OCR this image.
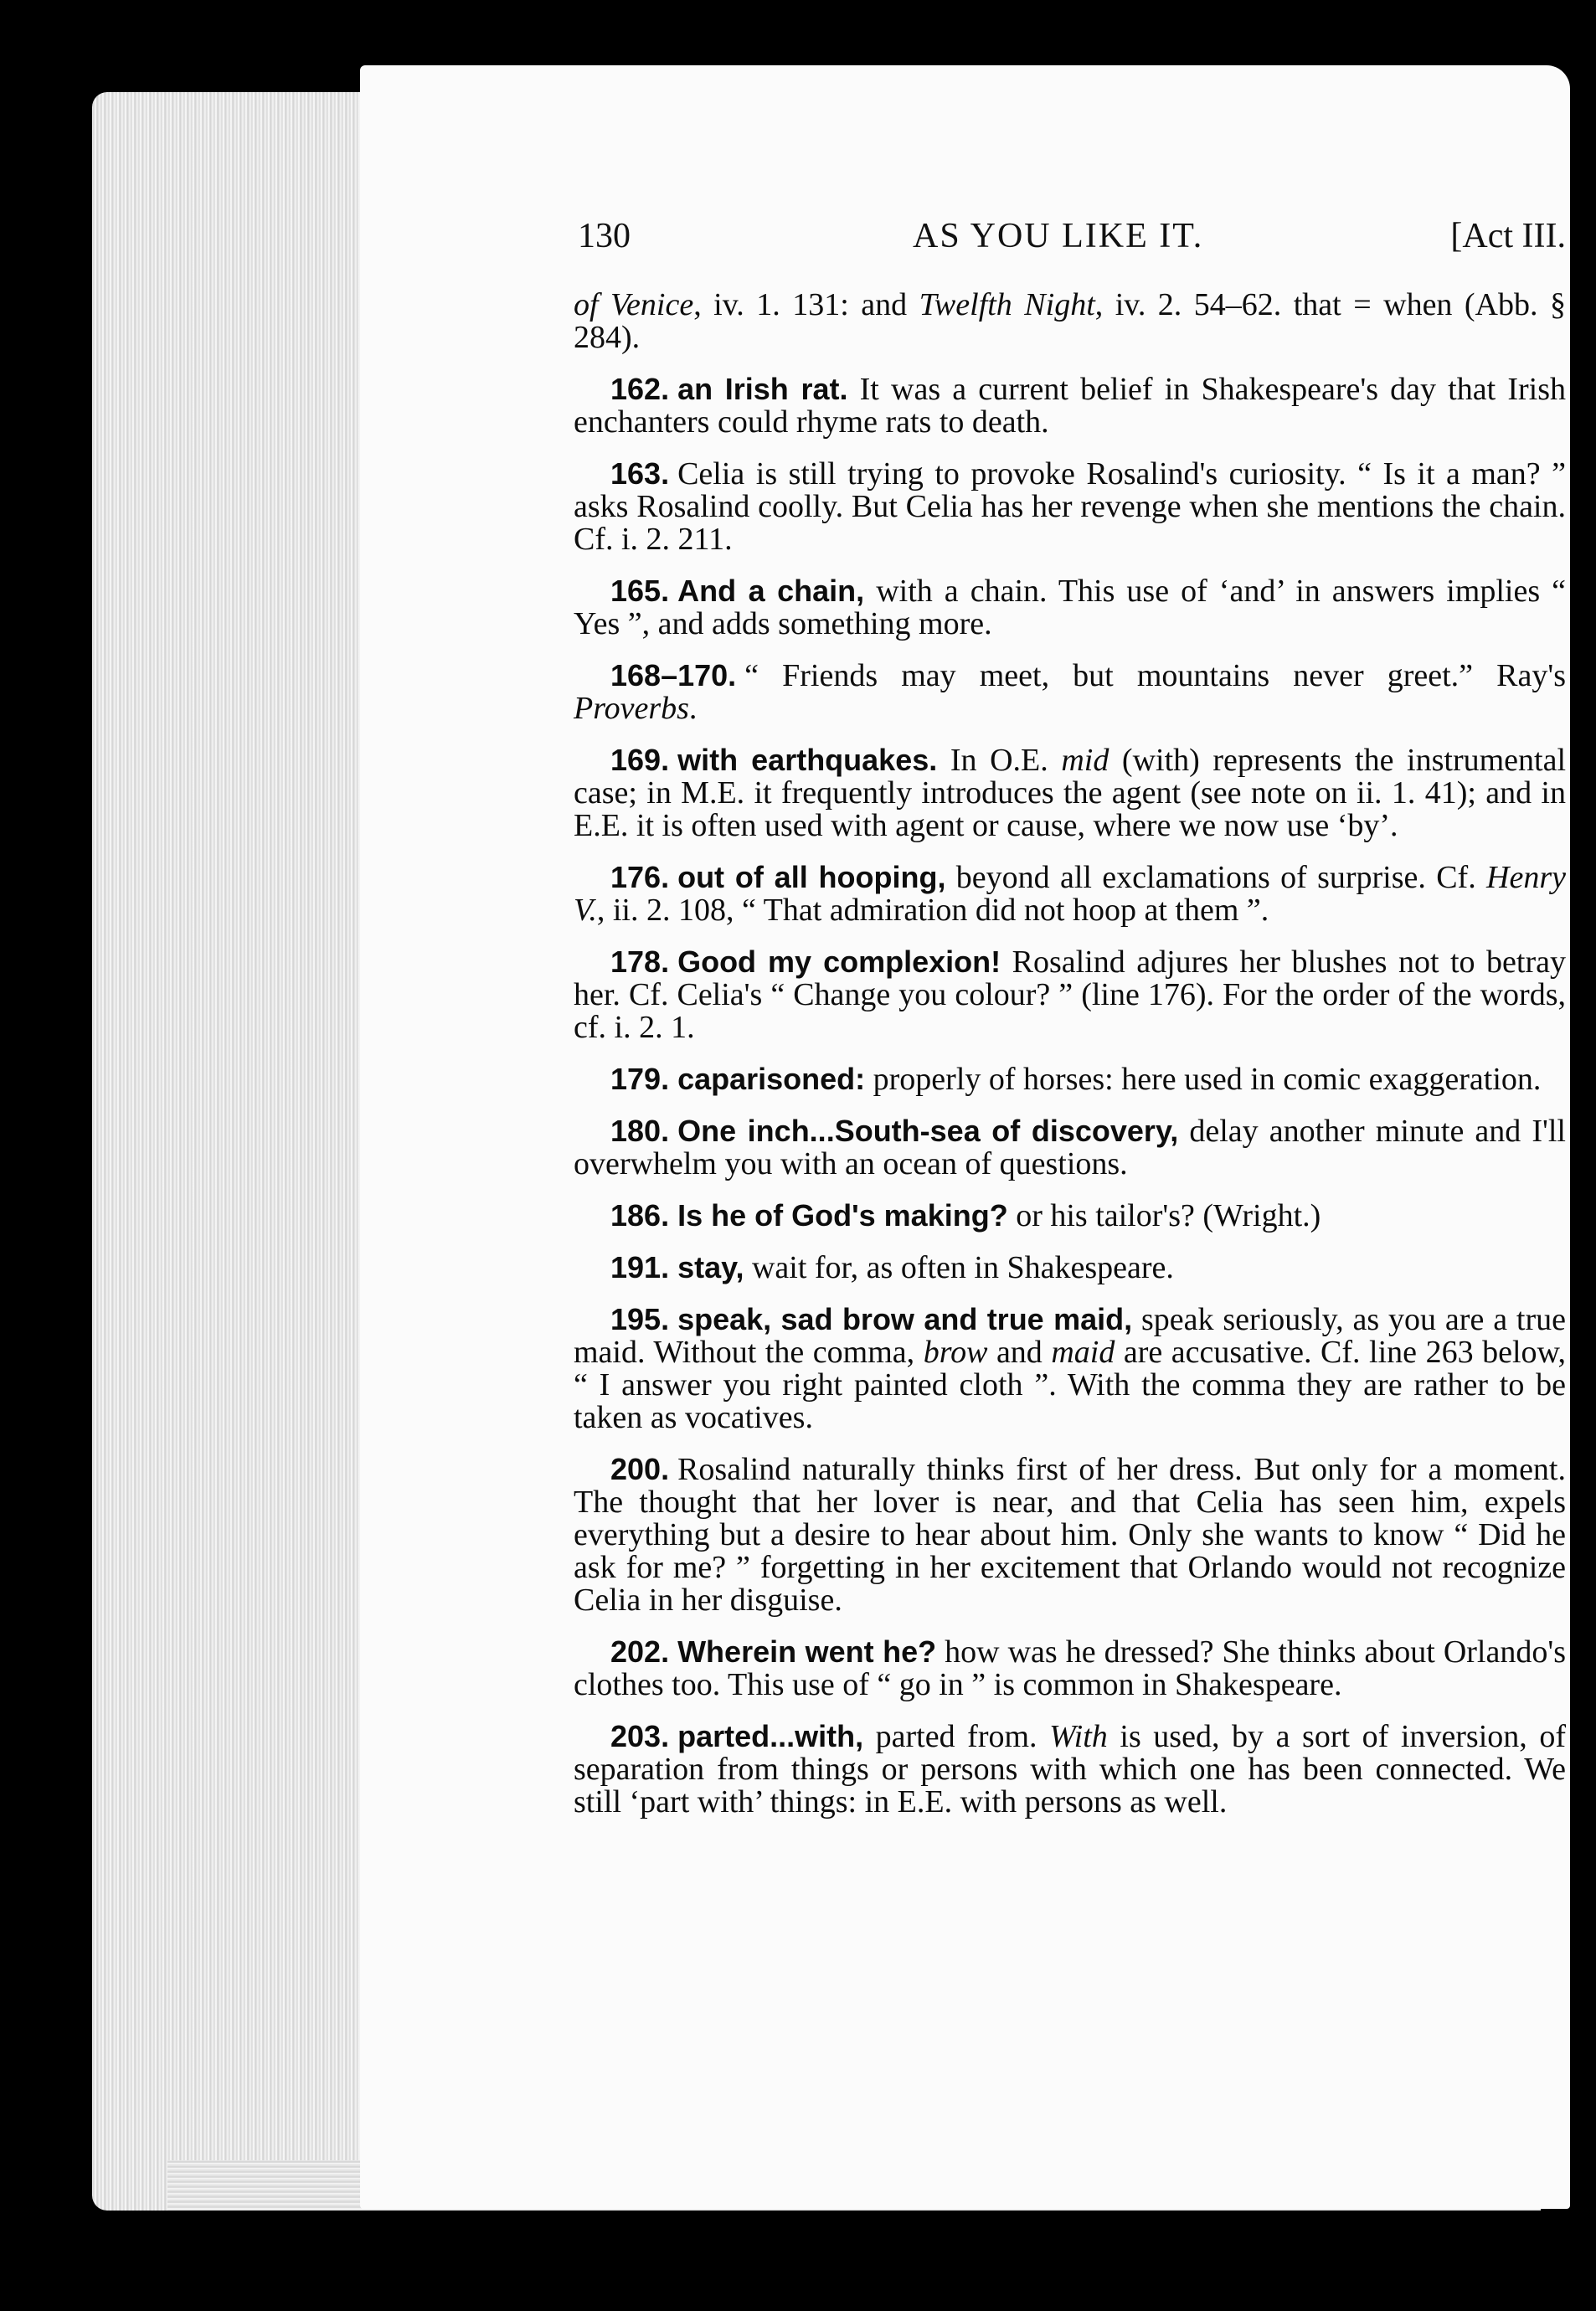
130	AS YOU LIKE IT.	[Act III.

of Venice, iv. 1. 131: and Twelfth Night, iv. 2. 54–62. that = when (Abb. § 284).

162. an Irish rat. It was a current belief in Shakespeare's day that Irish enchanters could rhyme rats to death.

163. Celia is still trying to provoke Rosalind's curiosity. “ Is it a man? ” asks Rosalind coolly. But Celia has her revenge when she mentions the chain. Cf. i. 2. 211.

165. And a chain, with a chain. This use of ‘and’ in answers implies “ Yes ”, and adds something more.

168–170. “ Friends may meet, but mountains never greet.” Ray's Proverbs.

169. with earthquakes. In O.E. mid (with) represents the instrumental case; in M.E. it frequently introduces the agent (see note on ii. 1. 41); and in E.E. it is often used with agent or cause, where we now use ‘by’.

176. out of all hooping, beyond all exclamations of surprise. Cf. Henry V., ii. 2. 108, “ That admiration did not hoop at them ”.

178. Good my complexion! Rosalind adjures her blushes not to betray her. Cf. Celia's “ Change you colour? ” (line 176). For the order of the words, cf. i. 2. 1.

179. caparisoned: properly of horses: here used in comic exaggeration.

180. One inch...South-sea of discovery, delay another minute and I'll overwhelm you with an ocean of questions.

186. Is he of God's making? or his tailor's? (Wright.)

191. stay, wait for, as often in Shakespeare.

195. speak, sad brow and true maid, speak seriously, as you are a true maid. Without the comma, brow and maid are accusative. Cf. line 263 below, “ I answer you right painted cloth ”. With the comma they are rather to be taken as vocatives.

200. Rosalind naturally thinks first of her dress. But only for a moment. The thought that her lover is near, and that Celia has seen him, expels everything but a desire to hear about him. Only she wants to know “ Did he ask for me? ” forgetting in her excitement that Orlando would not recognize Celia in her disguise.

202. Wherein went he? how was he dressed? She thinks about Orlando's clothes too. This use of “ go in ” is common in Shakespeare.

203. parted...with, parted from. With is used, by a sort of inversion, of separation from things or persons with which one has been connected. We still ‘part with’ things: in E.E. with persons as well.
